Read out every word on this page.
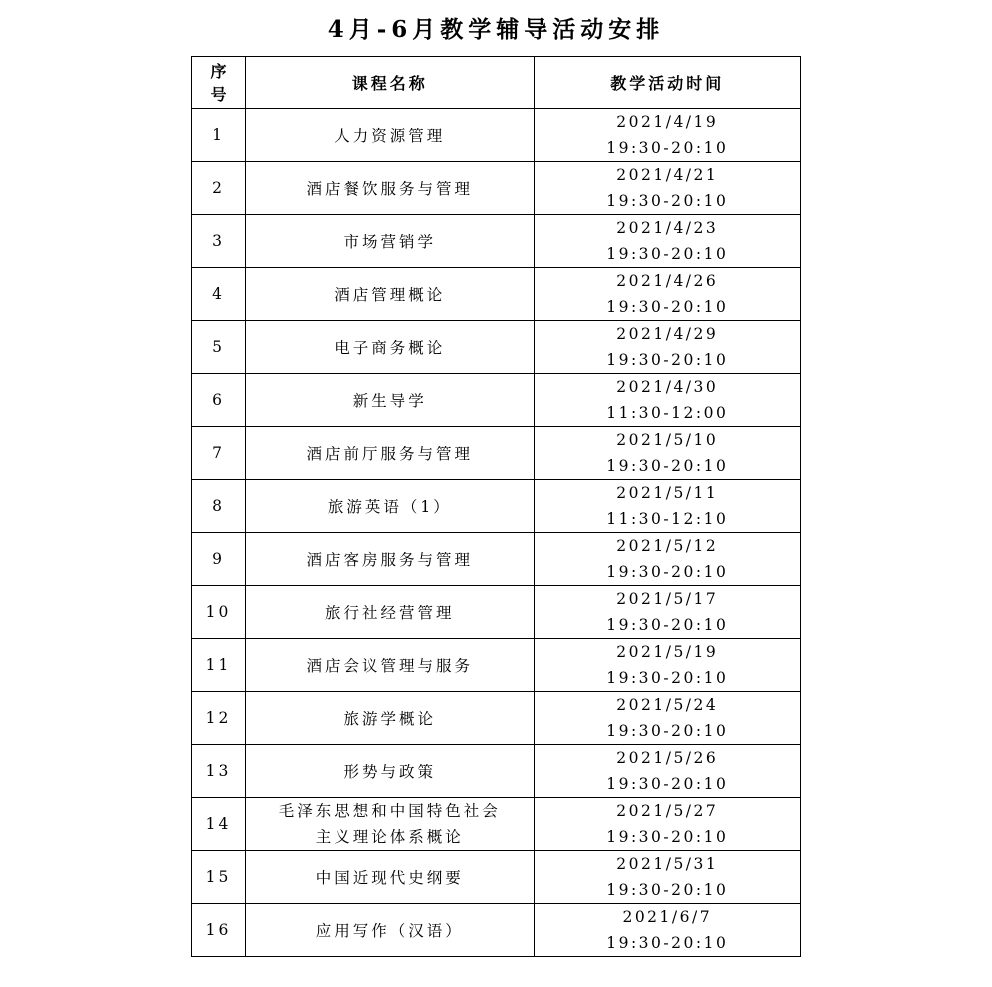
4月-6月教学辅导活动安排
序号	课程名称	教学活动时间
1	人力资源管理	2021/4/19
19:30-20:10

2	酒店餐饮服务与管理	2021/4/21
19:30-20:10

3	市场营销学	2021/4/23
19:30-20:10

4	酒店管理概论	2021/4/26
19:30-20:10

5	电子商务概论	2021/4/29
19:30-20:10

6	新生导学	2021/4/30
11:30-12:00

7	酒店前厅服务与管理	2021/5/10
19:30-20:10

8	旅游英语（1）	2021/5/11
11:30-12:10

9	酒店客房服务与管理	2021/5/12
19:30-20:10

10	旅行社经营管理	2021/5/17
19:30-20:10

11	酒店会议管理与服务	2021/5/19
19:30-20:10

12	旅游学概论	2021/5/24
19:30-20:10

13	形势与政策	2021/5/26
19:30-20:10

14	毛泽东思想和中国特色社会
主义理论体系概论	2021/5/27
19:30-20:10

15	中国近现代史纲要	2021/5/31
19:30-20:10

16	应用写作（汉语）	2021/6/7
19:30-20:10
